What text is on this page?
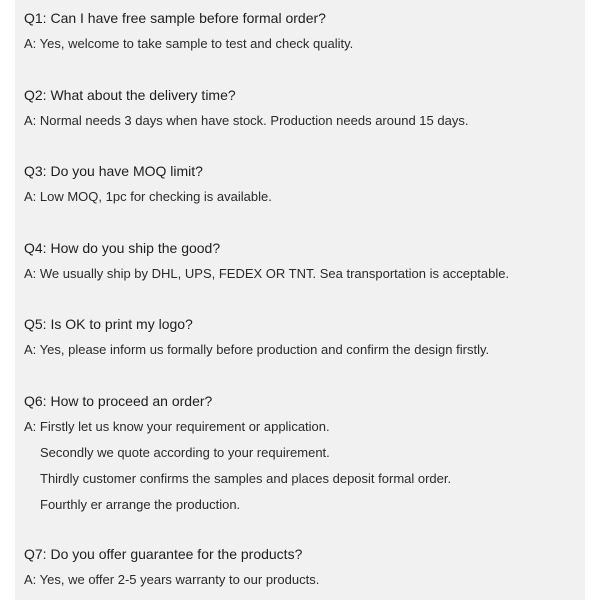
Q1: Can I have free sample before formal order?
A: Yes, welcome to take sample to test and check quality.
Q2: What about the delivery time?
A: Normal needs 3 days when have stock. Production needs around 15 days.
Q3: Do you have MOQ limit?
A: Low MOQ, 1pc for checking is available.
Q4: How do you ship the good?
A: We usually ship by DHL, UPS, FEDEX OR TNT. Sea transportation is acceptable.
Q5: Is OK to print my logo?
A: Yes, please inform us formally before production and confirm the design firstly.
Q6: How to proceed an order?
A: Firstly let us know your requirement or application.
Secondly we quote according to your requirement.
Thirdly customer confirms the samples and places deposit formal order.
Fourthly er arrange the production.
Q7: Do you offer guarantee for the products?
A: Yes, we offer 2-5 years warranty to our products.
